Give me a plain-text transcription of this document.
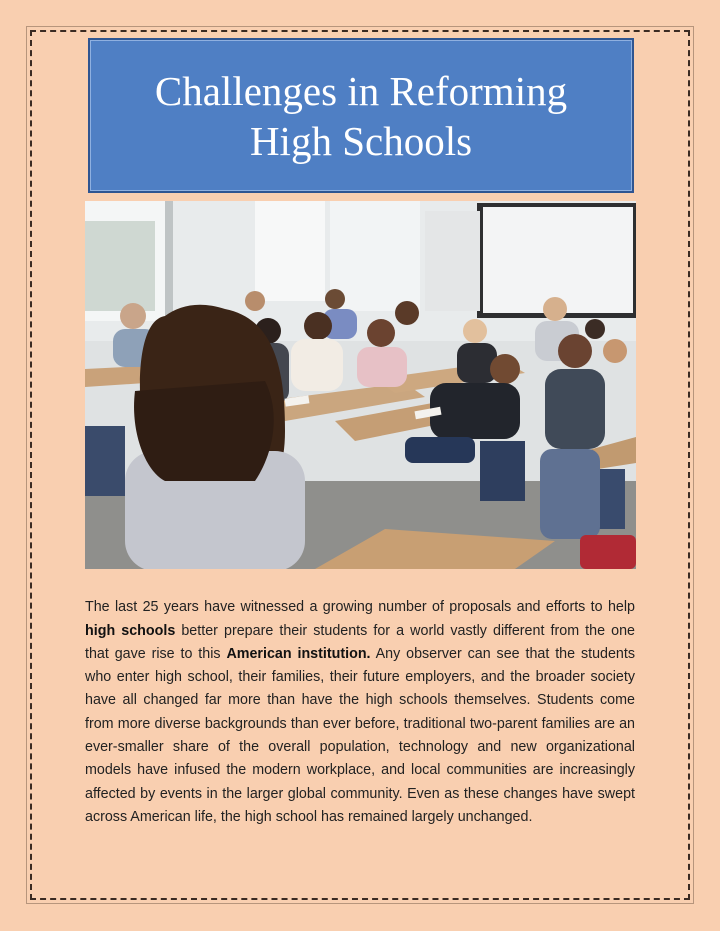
Challenges in Reforming High Schools

The last 25 years have witnessed a growing number of proposals and efforts to help high schools better prepare their students for a world vastly different from the one that gave rise to this American institution. Any observer can see that the students who enter high school, their families, their future employers, and the broader society have all changed far more than have the high schools themselves. Students come from more diverse backgrounds than ever before, traditional two-parent families are an ever-smaller share of the overall population, technology and new organizational models have infused the modern workplace, and local communities are increasingly affected by events in the larger global community. Even as these changes have swept across American life, the high school has remained largely unchanged.
